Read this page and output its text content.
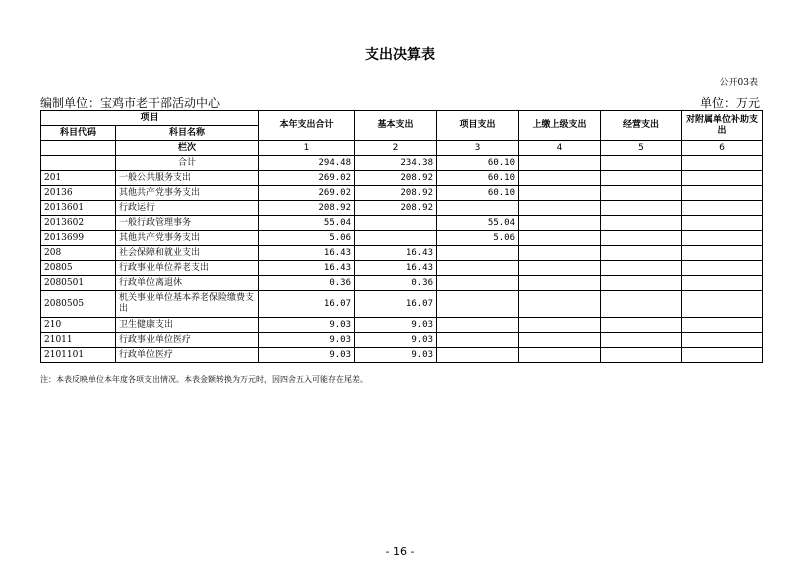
支出决算表
公开03表
编制单位：宝鸡市老干部活动中心	单位：万元
项目		本年支出合计	基本支出	项目支出	上缴上级支出	经营支出	对附属单位补助支出
科目代码	科目名称						
	栏次	1	2	3	4	5	6
	合计	294.48	234.38	60.10			
201	一般公共服务支出	269.02	208.92	60.10			
20136	其他共产党事务支出	269.02	208.92	60.10			
2013601	行政运行	208.92	208.92				
2013602	一般行政管理事务	55.04		55.04			
2013699	其他共产党事务支出	5.06		5.06			
208	社会保障和就业支出	16.43	16.43				
20805	行政事业单位养老支出	16.43	16.43				
2080501	行政单位离退休	0.36	0.36				
2080505	机关事业单位基本养老保险缴费支出	16.07	16.07				
210	卫生健康支出	9.03	9.03				
21011	行政事业单位医疗	9.03	9.03				
2101101	行政单位医疗	9.03	9.03				
注：本表反映单位本年度各项支出情况。本表金额转换为万元时，因四舍五入可能存在尾差。
- 16 -
